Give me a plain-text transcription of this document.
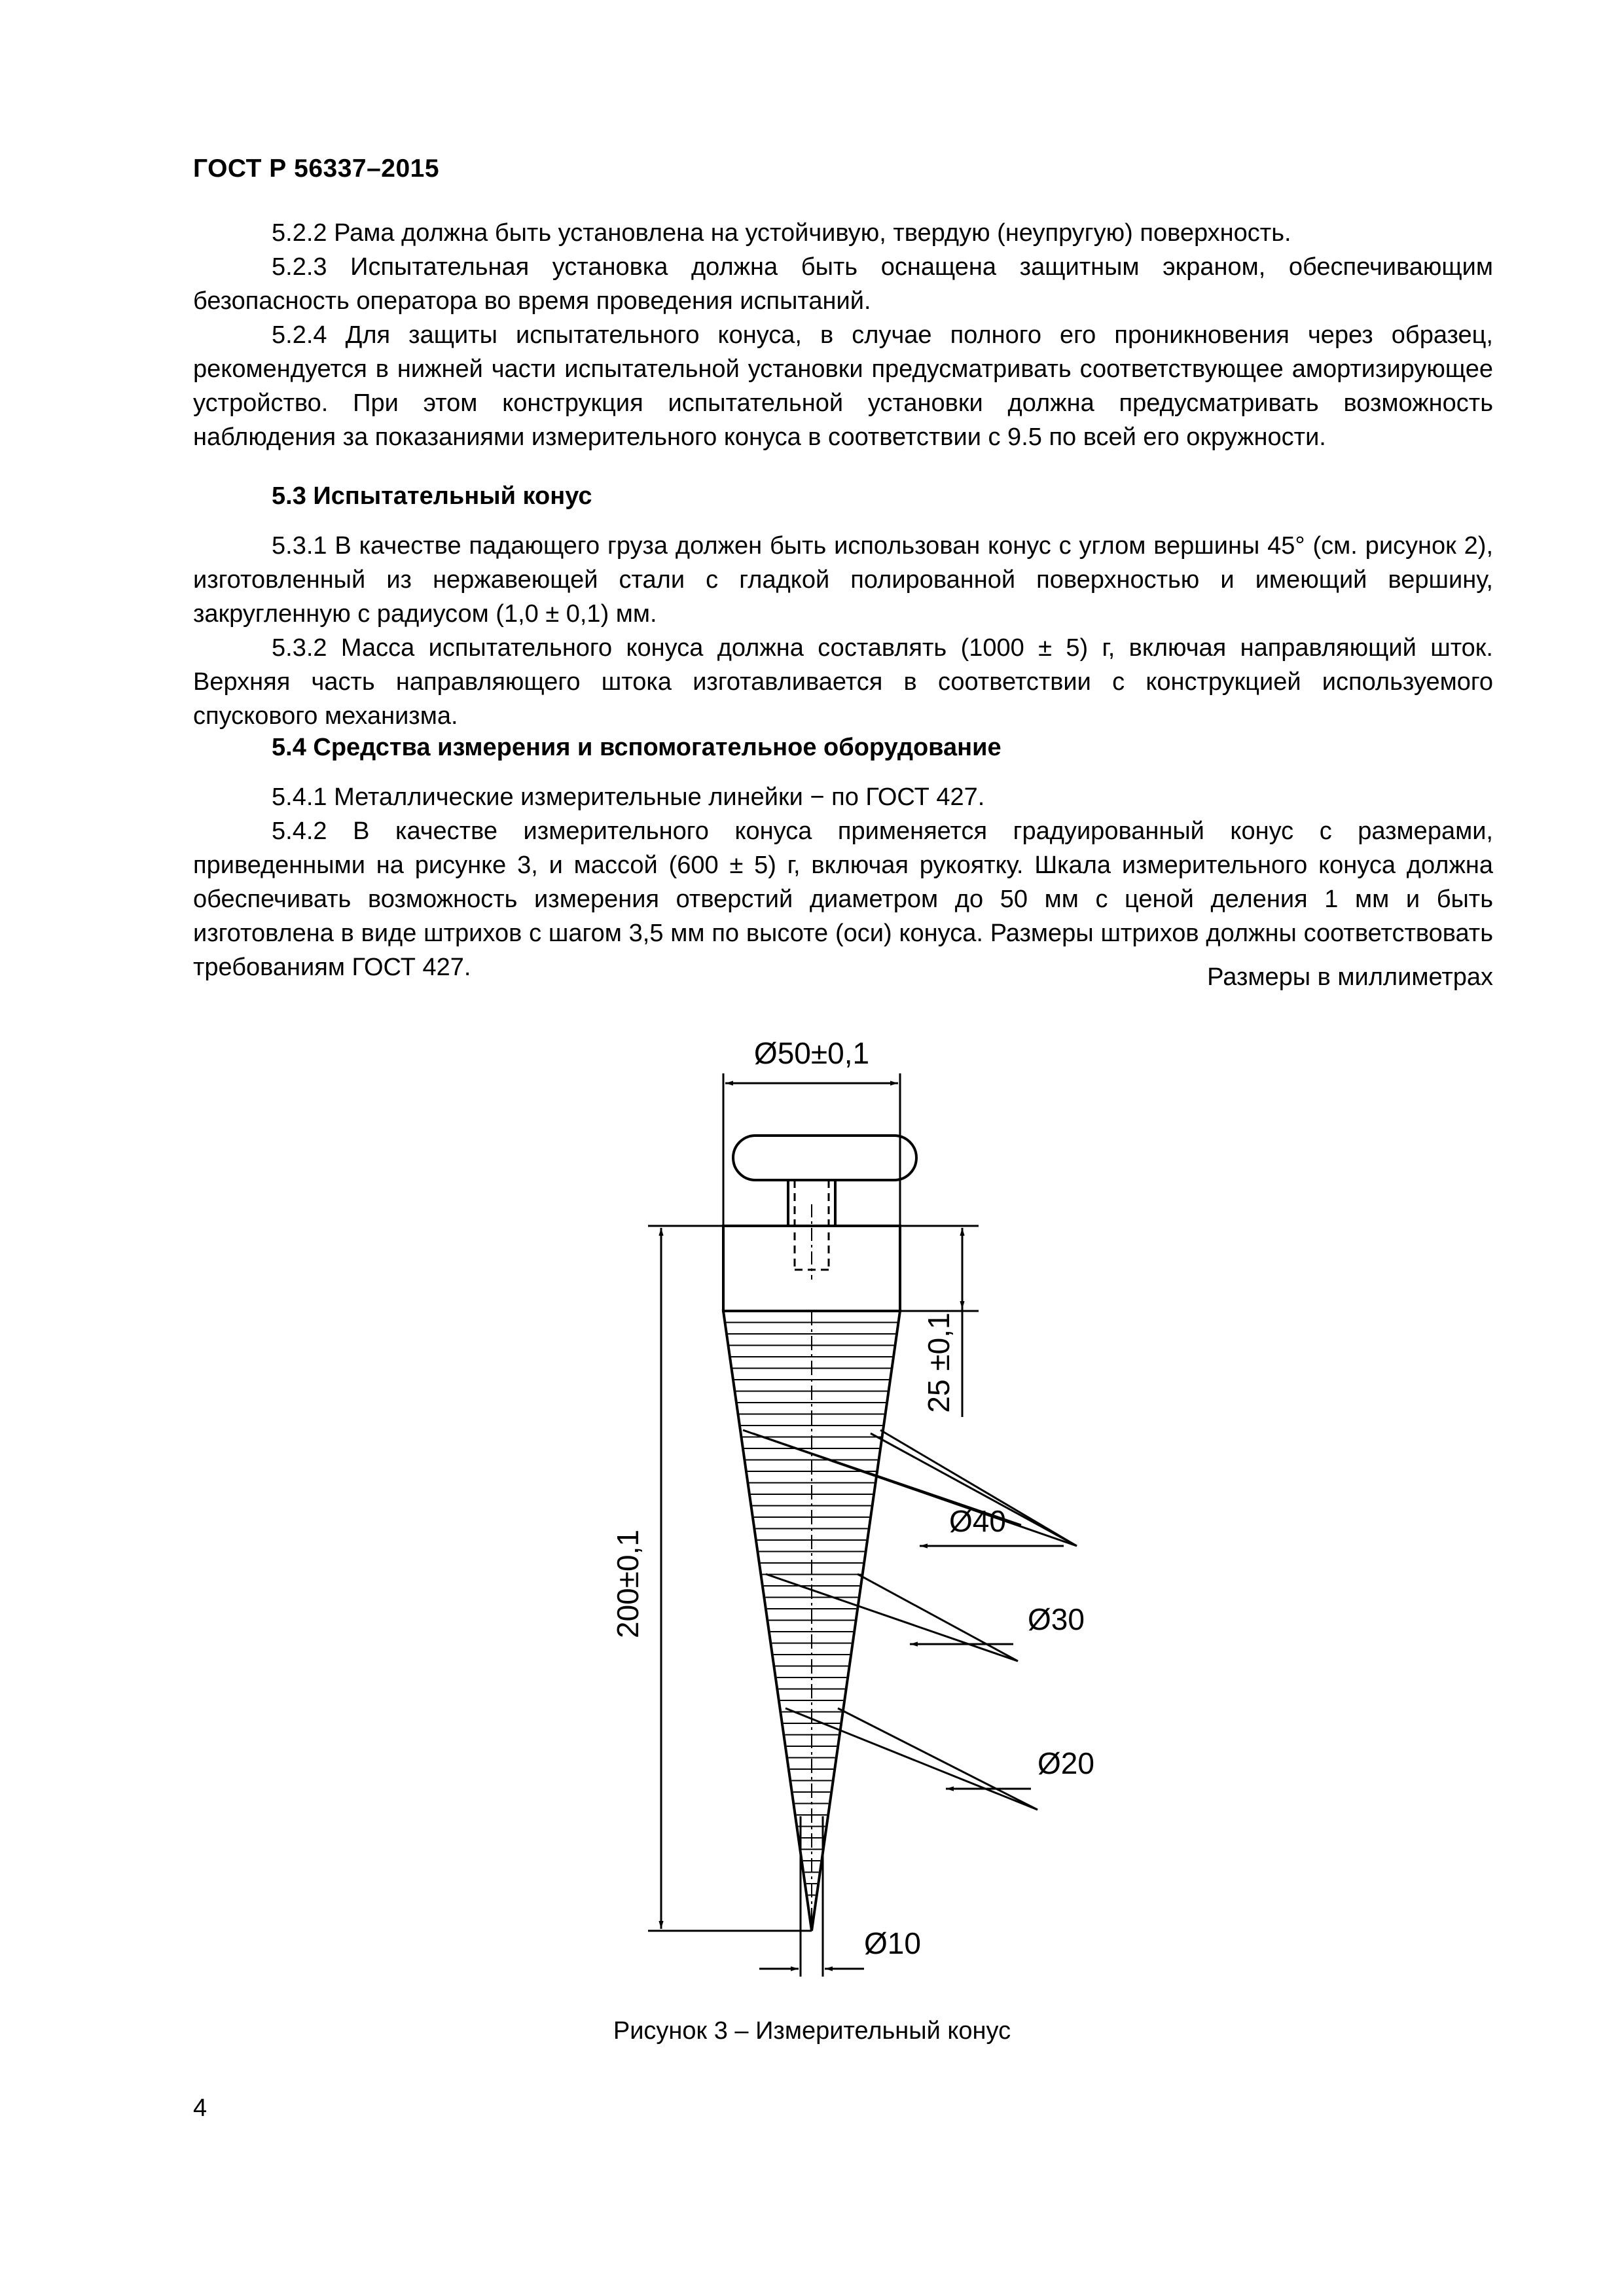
ГОСТ Р 56337–2015

5.2.2 Рама должна быть установлена на устойчивую, твердую (неупругую) поверхность.

5.2.3 Испытательная установка должна быть оснащена защитным экраном, обеспечивающим безопасность оператора во время проведения испытаний.

5.2.4 Для защиты испытательного конуса, в случае полного его проникновения через образец, рекомендуется в нижней части испытательной установки предусматривать соответствующее амортизирующее устройство. При этом конструкция испытательной установки должна предусматривать возможность наблюдения за показаниями измерительного конуса в соответствии с 9.5 по всей его окружности.

5.3 Испытательный конус

5.3.1 В качестве падающего груза должен быть использован конус с углом вершины 45° (см. рисунок 2), изготовленный из нержавеющей стали с гладкой полированной поверхностью и имеющий вершину, закругленную с радиусом (1,0 ± 0,1) мм.

5.3.2 Масса испытательного конуса должна составлять (1000 ± 5) г, включая направляющий шток. Верхняя часть направляющего штока изготавливается в соответствии с конструкцией используемого спускового механизма.

5.4 Средства измерения и вспомогательное оборудование

5.4.1 Металлические измерительные линейки − по ГОСТ 427.

5.4.2 В качестве измерительного конуса применяется градуированный конус с размерами, приведенными на рисунке 3, и массой (600 ± 5) г, включая рукоятку. Шкала измерительного конуса должна обеспечивать возможность измерения отверстий диаметром до 50 мм с ценой деления 1 мм и быть изготовлена в виде штрихов с шагом 3,5 мм по высоте (оси) конуса. Размеры штрихов должны соответствовать требованиям ГОСТ 427.	Размеры в миллиметрах
Ø50±0,1
200±0,1
25 ±0,1
Ø40
Ø30
Ø20
Ø10
Рисунок 3 – Измерительный конус
4
